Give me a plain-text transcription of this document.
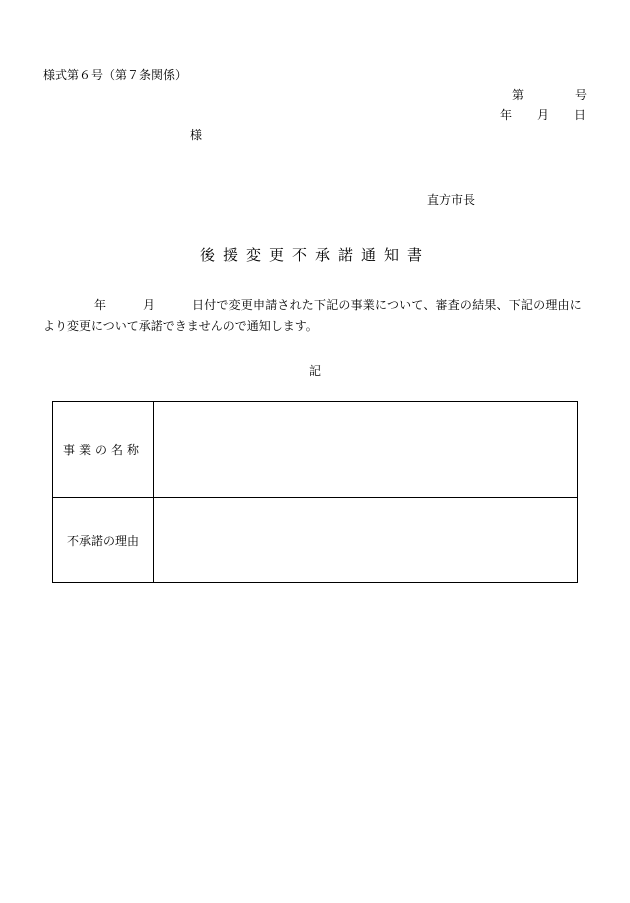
様式第６号（第７条関係）
第	号
年 月 日
様
直方市長
後援変更不承諾通知書
年	月	日付で変更申請された下記の事業について、審査の結果、下記の理由に
より変更について承諾できませんので通知します。
記
事業の名称
不承諾の理由
